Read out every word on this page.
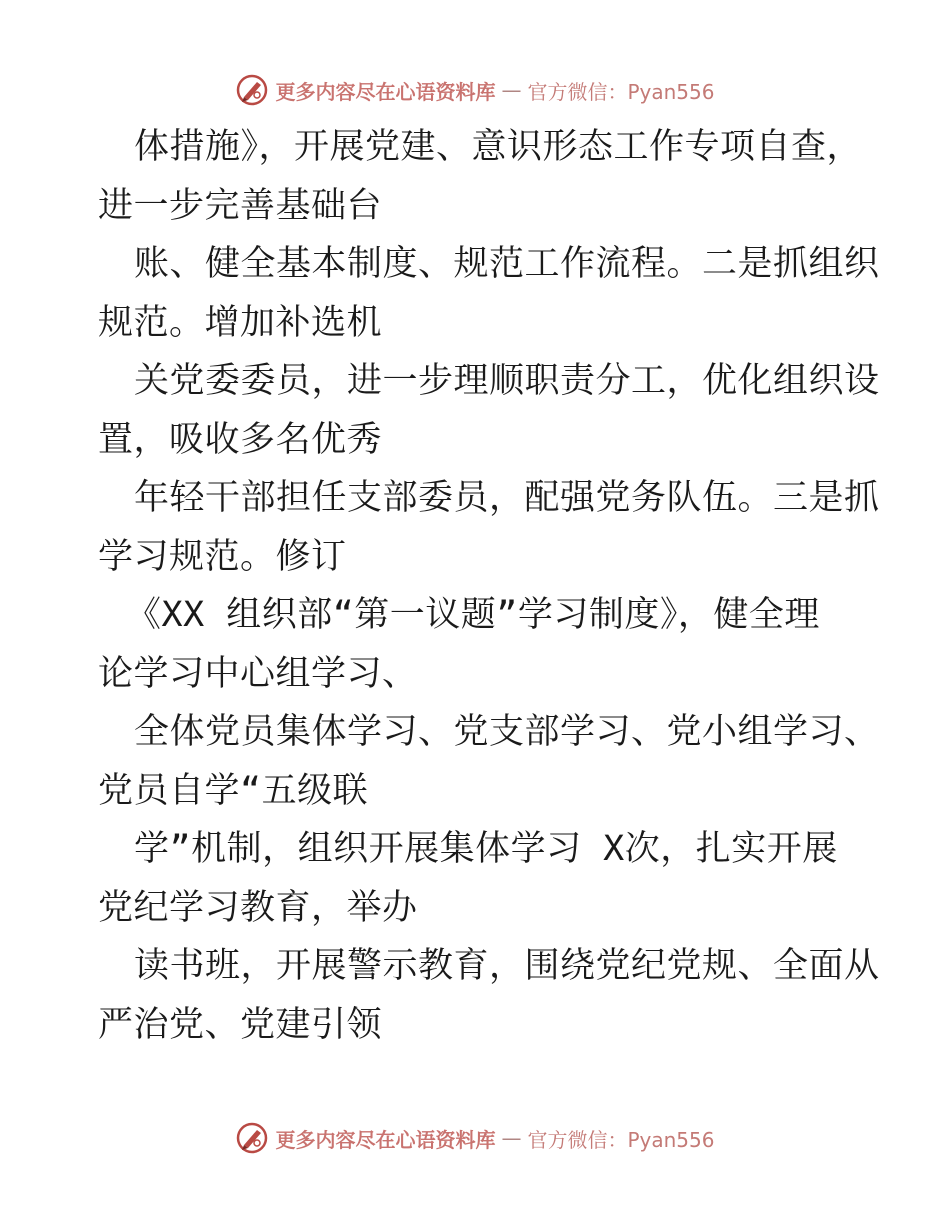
更多内容尽在心语资料库 — 官方微信：Pyan556
体措施》，开展党建、意识形态工作专项自查，
进一步完善基础台
账、健全基本制度、规范工作流程。二是抓组织
规范。增加补选机
关党委委员，进一步理顺职责分工，优化组织设
置，吸收多名优秀
年轻干部担任支部委员，配强党务队伍。三是抓
学习规范。修订
《XX 组织部“第一议题”学习制度》，健全理
论学习中心组学习、
全体党员集体学习、党支部学习、党小组学习、
党员自学“五级联
学”机制，组织开展集体学习 X次，扎实开展
党纪学习教育，举办
读书班，开展警示教育，围绕党纪党规、全面从
严治党、党建引领
更多内容尽在心语资料库 — 官方微信：Pyan556
